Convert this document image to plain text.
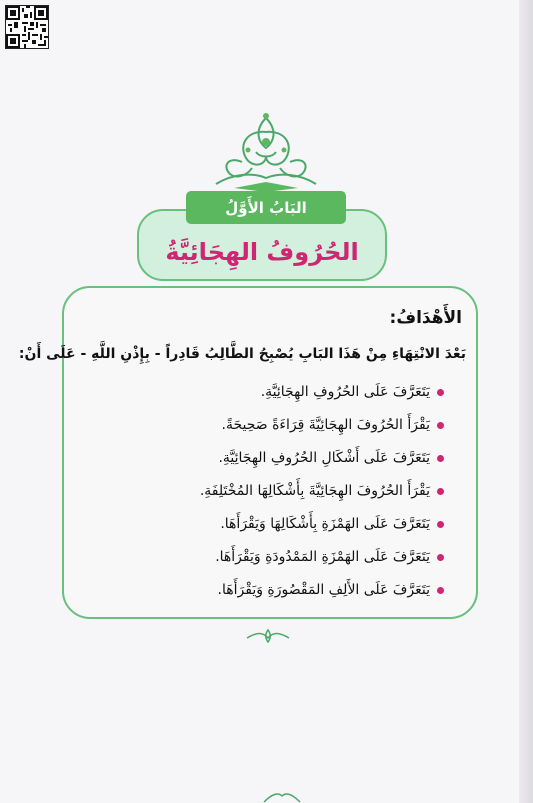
البَابُ الأَوَّلُ
الحُرُوفُ الهِجَائِيَّةُ
الأَهْدَافُ:
بَعْدَ الانْتِهَاءِ مِنْ هَذَا البَابِ يُصْبِحُ الطَّالِبُ قَادِراً - بِإِذْنِ اللَّهِ - عَلَى أَنْ:
يَتَعَرَّفَ عَلَى الحُرُوفِ الهِجَائِيَّةِ.
يَقْرَأَ الحُرُوفَ الهِجَائِيَّةَ قِرَاءَةً صَحِيحَةً.
يَتَعَرَّفَ عَلَى أَشْكَالِ الحُرُوفِ الهِجَائِيَّةِ.
يَقْرَأَ الحُرُوفَ الهِجَائِيَّةَ بِأَشْكَالِهَا المُخْتَلِفَةِ.
يَتَعَرَّفَ عَلَى الهَمْزَةِ بِأَشْكَالِهَا وَيَقْرَأَهَا.
يَتَعَرَّفَ عَلَى الهَمْزَةِ المَمْدُودَةِ وَيَقْرَأَهَا.
يَتَعَرَّفَ عَلَى الأَلِفِ المَقْصُورَةِ وَيَقْرَأَهَا.
